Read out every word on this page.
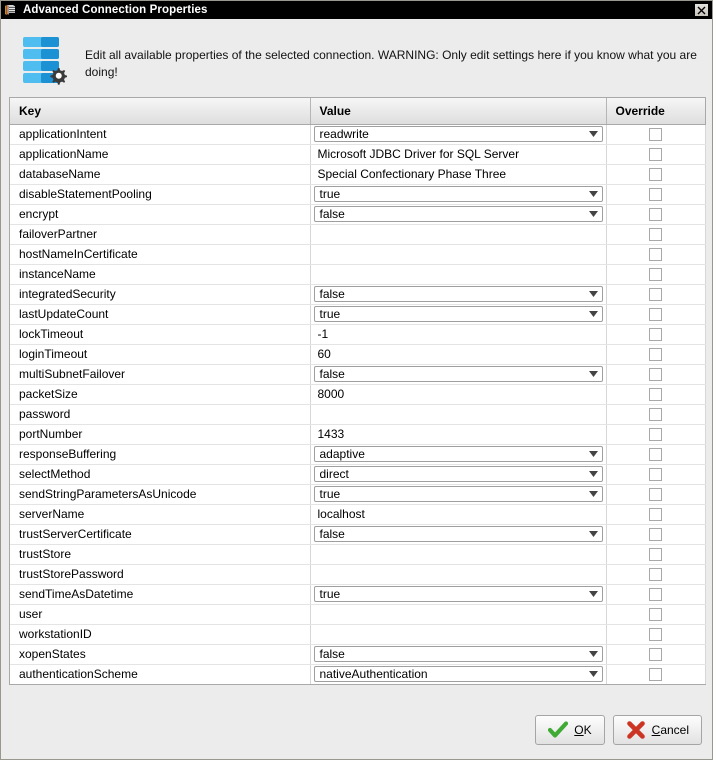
Advanced Connection Properties
Edit all available properties of the selected connection. WARNING: Only edit settings here if you know what you are doing!
Key	Value	Override

applicationIntent	readwrite	

applicationName	Microsoft JDBC Driver for SQL Server	

databaseName	Special Confectionary Phase Three	

disableStatementPooling	true	

encrypt	false	

failoverPartner		

hostNameInCertificate		

instanceName		

integratedSecurity	false	

lastUpdateCount	true	

lockTimeout	-1	

loginTimeout	60	

multiSubnetFailover	false	

packetSize	8000	

password		

portNumber	1433	

responseBuffering	adaptive	

selectMethod	direct	

sendStringParametersAsUnicode	true	

serverName	localhost	

trustServerCertificate	false	

trustStore		

trustStorePassword		

sendTimeAsDatetime	true	

user		

workstationID		

xopenStates	false	

authenticationScheme	nativeAuthentication	

OK	Cancel
